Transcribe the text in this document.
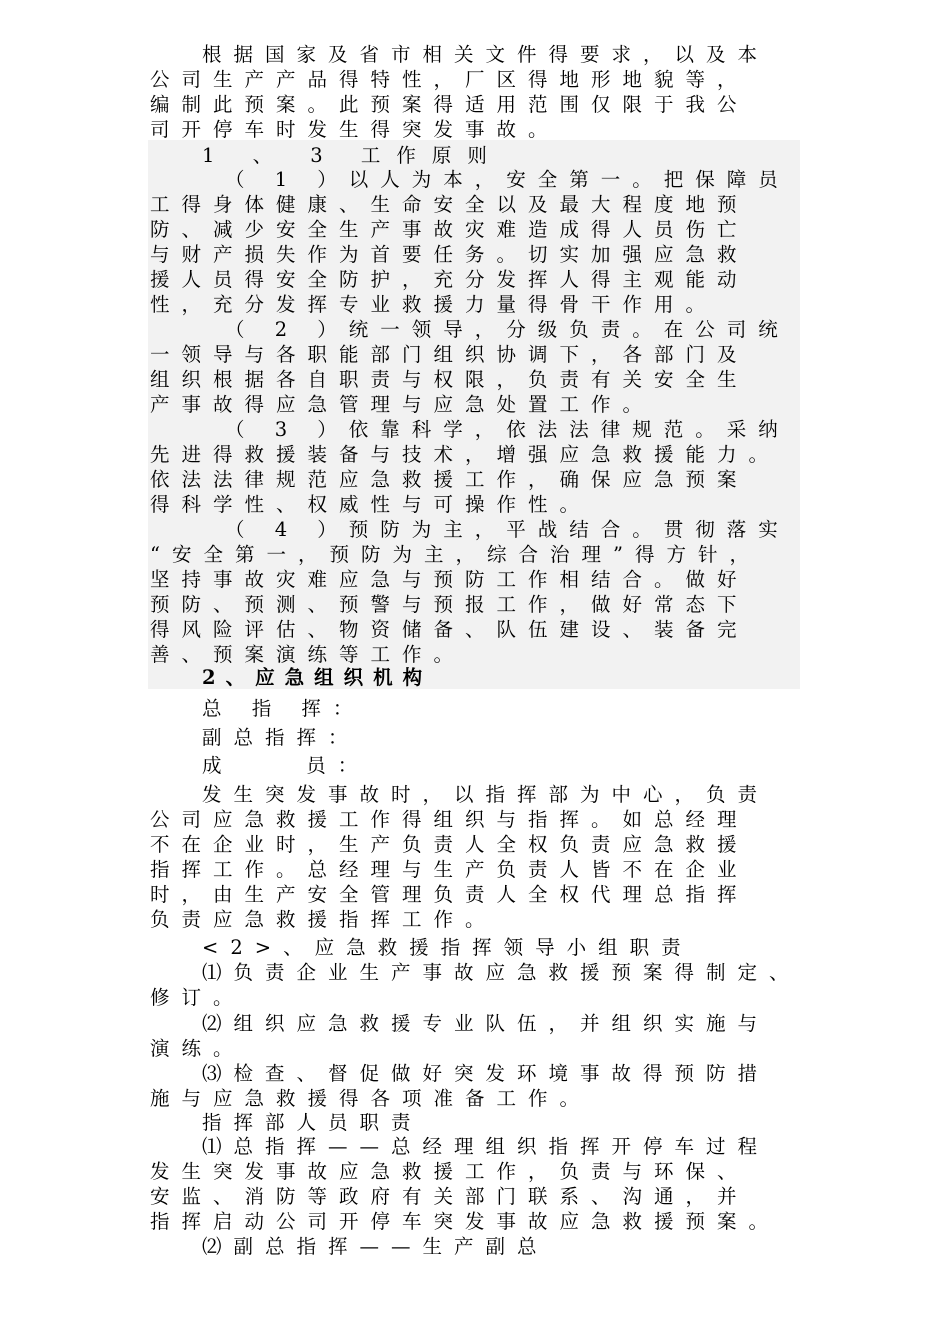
根据国家及省市相关文件得要求，以及本
公司生产产品得特性，厂区得地形地貌等，
编制此预案。此预案得适用范围仅限于我公
司开停车时发生得突发事故。
1 、 3 工作原则
（ 1 ）以人为本，安全第一。把保障员
工得身体健康、生命安全以及最大程度地预
防、减少安全生产事故灾难造成得人员伤亡
与财产损失作为首要任务。切实加强应急救
援人员得安全防护，充分发挥人得主观能动
性，充分发挥专业救援力量得骨干作用。
（ 2 ）统一领导，分级负责。在公司统
一领导与各职能部门组织协调下，各部门及
组织根据各自职责与权限，负责有关安全生
产事故得应急管理与应急处置工作。
（ 3 ）依靠科学，依法法律规范。采纳
先进得救援装备与技术，增强应急救援能力。
依法法律规范应急救援工作，确保应急预案
得科学性、权威性与可操作性。
（ 4 ）预防为主，平战结合。贯彻落实
“安全第一，预防为主，综合治理”得方针，
坚持事故灾难应急与预防工作相结合。做好
预防、预测、预警与预报工作，做好常态下
得风险评估、物资储备、队伍建设、装备完
善、预案演练等工作。
2、应急组织机构
总 指 挥：
副总指挥：
成    员：
发生突发事故时，以指挥部为中心，负责
公司应急救援工作得组织与指挥。如总经理
不在企业时，生产负责人全权负责应急救援
指挥工作。总经理与生产负责人皆不在企业
时，由生产安全管理负责人全权代理总指挥
负责应急救援指挥工作。
<2>、应急救援指挥领导小组职责
⑴负责企业生产事故应急救援预案得制定、
修订。
⑵组织应急救援专业队伍，并组织实施与
演练。
⑶检查、督促做好突发环境事故得预防措
施与应急救援得各项准备工作。
指挥部人员职责
⑴总指挥——总经理组织指挥开停车过程
发生突发事故应急救援工作，负责与环保、
安监、消防等政府有关部门联系、沟通，并
指挥启动公司开停车突发事故应急救援预案。
⑵副总指挥——生产副总
